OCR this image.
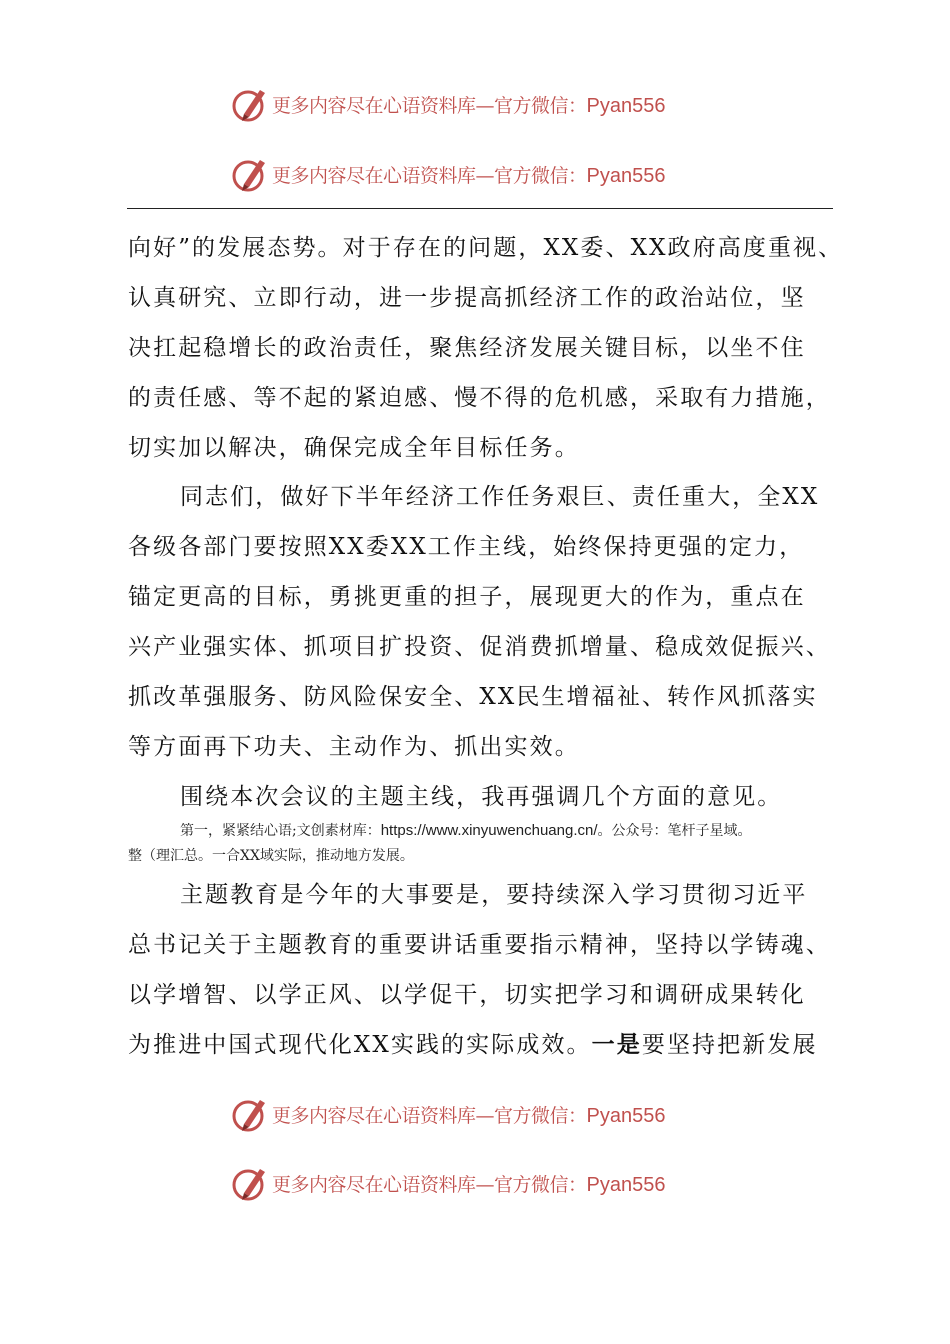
更多内容尽在心语资料库—官方微信：Pyan556
更多内容尽在心语资料库—官方微信：Pyan556
向好”的发展态势。对于存在的问题，XX委、XX政府高度重视、
认真研究、立即行动，进一步提高抓经济工作的政治站位，坚
决扛起稳增长的政治责任，聚焦经济发展关键目标，以坐不住
的责任感、等不起的紧迫感、慢不得的危机感，采取有力措施，
切实加以解决，确保完成全年目标任务。
同志们，做好下半年经济工作任务艰巨、责任重大，全XX
各级各部门要按照XX委XX工作主线，始终保持更强的定力，
锚定更高的目标，勇挑更重的担子，展现更大的作为，重点在
兴产业强实体、抓项目扩投资、促消费抓增量、稳成效促振兴、
抓改革强服务、防风险保安全、XX民生增福祉、转作风抓落实
等方面再下功夫、主动作为、抓出实效。
围绕本次会议的主题主线，我再强调几个方面的意见。
第一，紧紧结心语;文创素材库：https://www.xinyuwenchuang.cn/。公众号：笔杆子星域。
整（理汇总。一合XX域实际，推动地方发展。
主题教育是今年的大事要是，要持续深入学习贯彻习近平
总书记关于主题教育的重要讲话重要指示精神，坚持以学铸魂、
以学增智、以学正风、以学促干，切实把学习和调研成果转化
为推进中国式现代化XX实践的实际成效。一是要坚持把新发展
更多内容尽在心语资料库—官方微信：Pyan556
更多内容尽在心语资料库—官方微信：Pyan556
